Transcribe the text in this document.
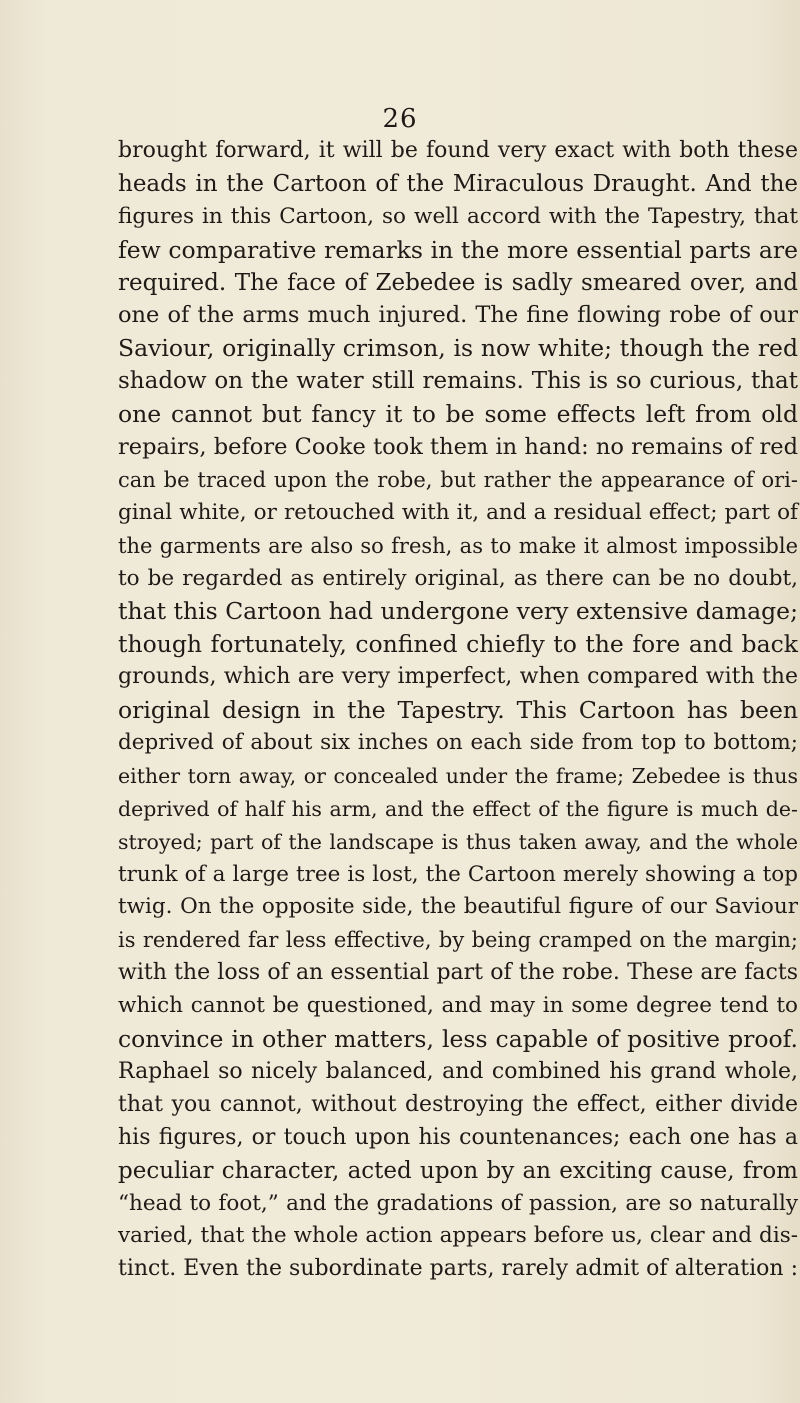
26
brought forward, it will be found very exact with both these
heads in the Cartoon of the Miraculous Draught. And the
figures in this Cartoon, so well accord with the Tapestry, that
few comparative remarks in the more essential parts are
required. The face of Zebedee is sadly smeared over, and
one of the arms much injured. The fine flowing robe of our
Saviour, originally crimson, is now white; though the red
shadow on the water still remains. This is so curious, that
one cannot but fancy it to be some effects left from old
repairs, before Cooke took them in hand: no remains of red
can be traced upon the robe, but rather the appearance of ori-
ginal white, or retouched with it, and a residual effect; part of
the garments are also so fresh, as to make it almost impossible
to be regarded as entirely original, as there can be no doubt,
that this Cartoon had undergone very extensive damage;
though fortunately, confined chiefly to the fore and back
grounds, which are very imperfect, when compared with the
original design in the Tapestry. This Cartoon has been
deprived of about six inches on each side from top to bottom;
either torn away, or concealed under the frame; Zebedee is thus
deprived of half his arm, and the effect of the figure is much de-
stroyed; part of the landscape is thus taken away, and the whole
trunk of a large tree is lost, the Cartoon merely showing a top
twig. On the opposite side, the beautiful figure of our Saviour
is rendered far less effective, by being cramped on the margin;
with the loss of an essential part of the robe. These are facts
which cannot be questioned, and may in some degree tend to
convince in other matters, less capable of positive proof.
Raphael so nicely balanced, and combined his grand whole,
that you cannot, without destroying the effect, either divide
his figures, or touch upon his countenances; each one has a
peculiar character, acted upon by an exciting cause, from
“head to foot,” and the gradations of passion, are so naturally
varied, that the whole action appears before us, clear and dis-
tinct. Even the subordinate parts, rarely admit of alteration :
